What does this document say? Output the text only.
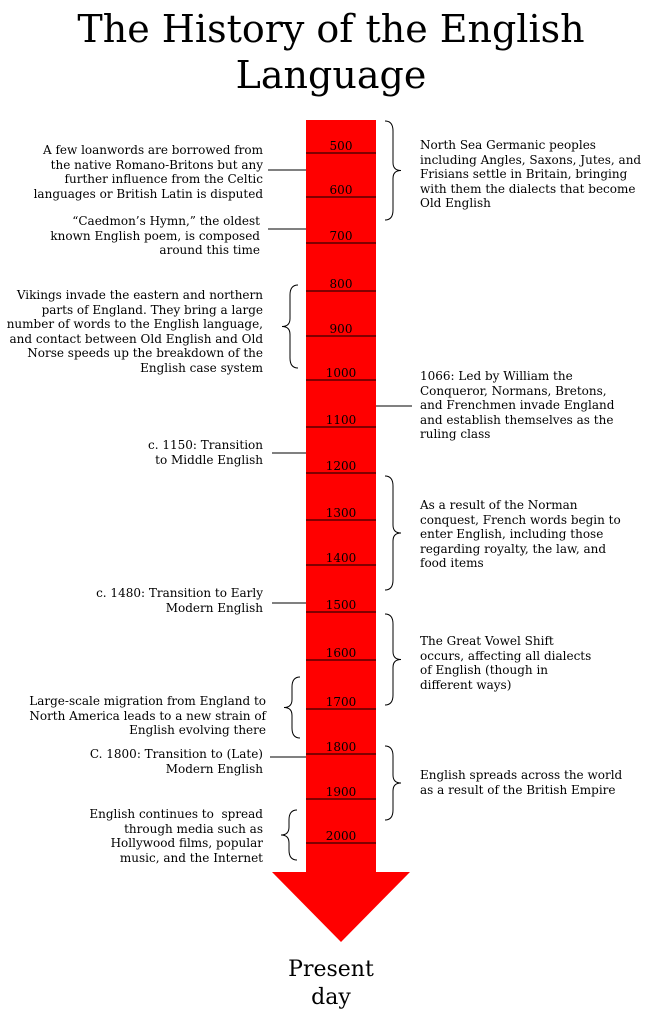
The History of the English
Language
500
600
700
800
900
1000
1100
1200
1300
1400
1500
1600
1700
1800
1900
2000
A few loanwords are borrowed from
the native Romano-Britons but any
further influence from the Celtic
languages or British Latin is disputed
“Caedmon’s Hymn,” the oldest
known English poem, is composed
around this time
Vikings invade the eastern and northern
parts of England. They bring a large
number of words to the English language,
and contact between Old English and Old
Norse speeds up the breakdown of the
English case system
c. 1150: Transition
to Middle English
c. 1480: Transition to Early
Modern English
Large-scale migration from England to
North America leads to a new strain of
English evolving there
C. 1800: Transition to (Late)
Modern English
English continues to  spread
through media such as
Hollywood films, popular
music, and the Internet
North Sea Germanic peoples
including Angles, Saxons, Jutes, and
Frisians settle in Britain, bringing
with them the dialects that become
Old English
1066: Led by William the
Conqueror, Normans, Bretons,
and Frenchmen invade England
and establish themselves as the
ruling class
As a result of the Norman
conquest, French words begin to
enter English, including those
regarding royalty, the law, and
food items
The Great Vowel Shift
occurs, affecting all dialects
of English (though in
different ways)
English spreads across the world
as a result of the British Empire
Present
day
